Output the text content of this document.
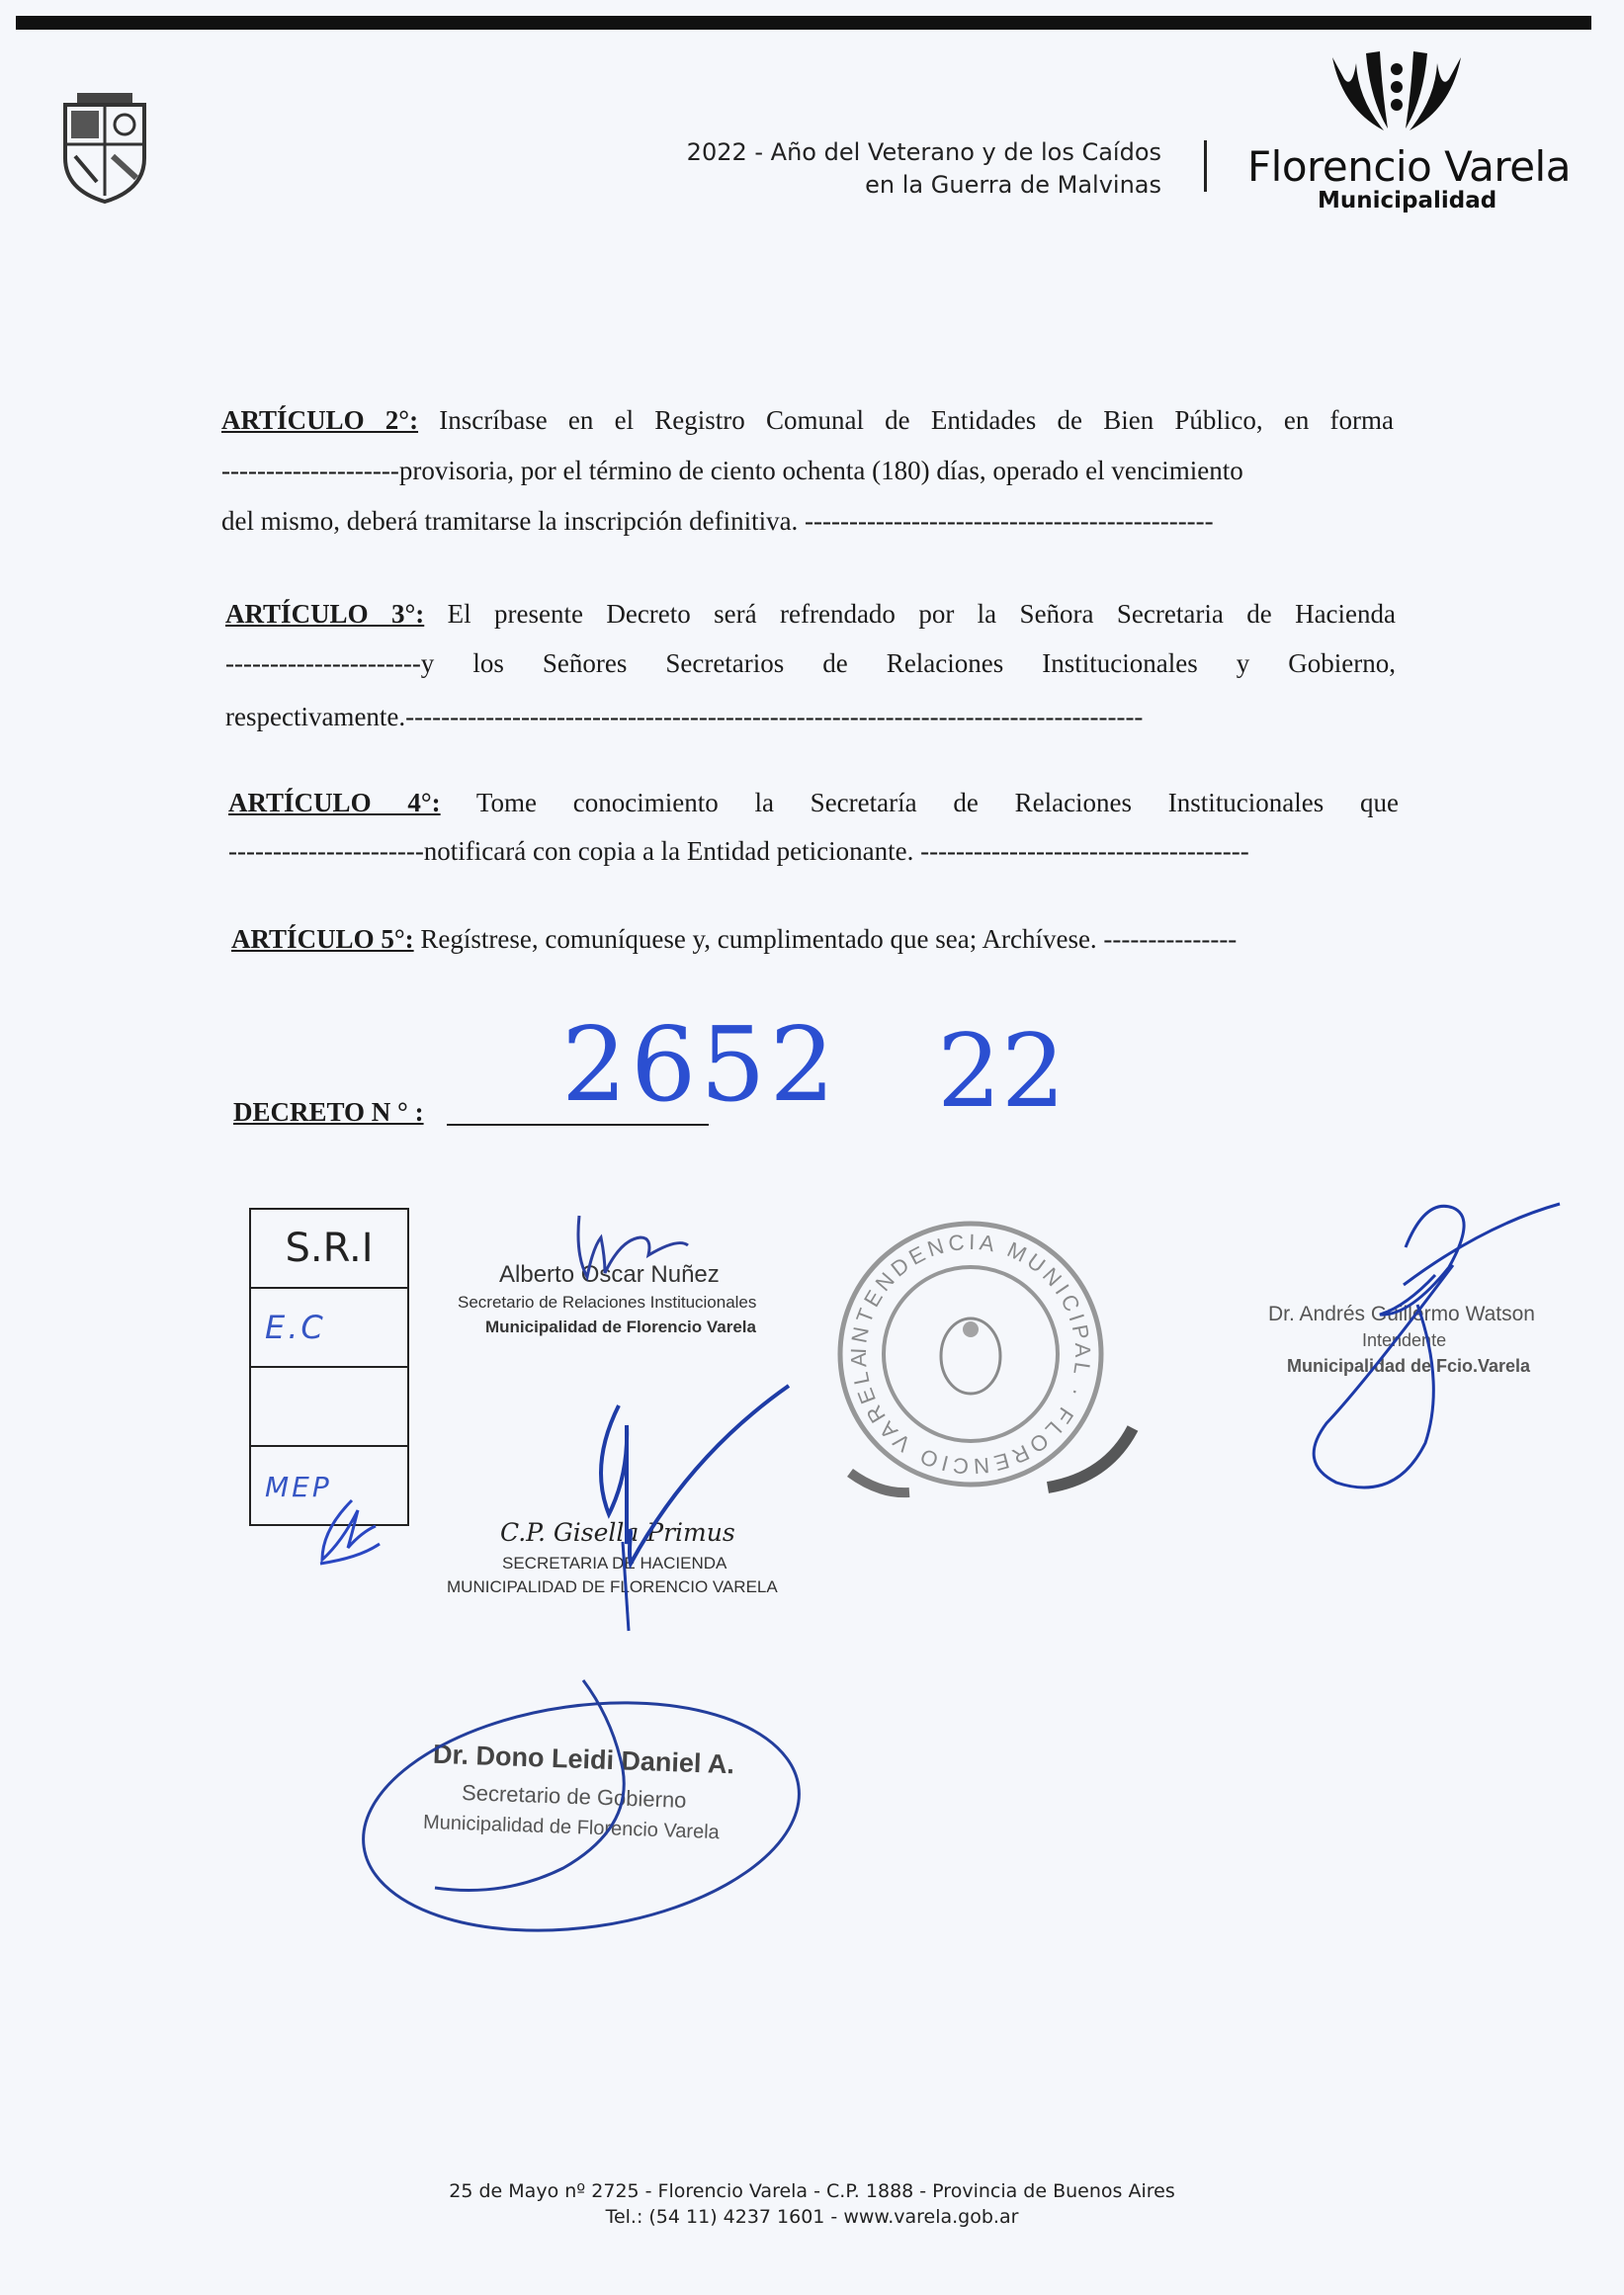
2022 - Año del Veterano y de los Caídos
en la Guerra de Malvinas Florencio Varela
Municipalidad
ARTÍCULO 2°: Inscríbase en el Registro Comunal de Entidades de Bien Público, en forma
--------------------provisoria, por el término de ciento ochenta (180) días, operado el vencimiento
del mismo, deberá tramitarse la inscripción definitiva. ----------------------------------------------
ARTÍCULO 3°: El presente Decreto será refrendado por la Señora Secretaria de Hacienda
----------------------y los Señores Secretarios de Relaciones Institucionales y Gobierno,
respectivamente.-----------------------------------------------------------------------------------
ARTÍCULO 4°: Tome conocimiento la Secretaría de Relaciones Institucionales que
----------------------notificará con copia a la Entidad peticionante. -------------------------------------
ARTÍCULO 5°: Regístrese, comuníquese y, cumplimentado que sea; Archívese. ---------------
DECRETO N ° : 2652 22
S.R.I
E.C
MEP
Alberto Oscar Nuñez
Secretario de Relaciones Institucionales
Municipalidad de Florencio Varela
C.P. Gisella Primus
SECRETARIA DE HACIENDA
MUNICIPALIDAD DE FLORENCIO VARELA
Dr. Andrés Guillermo Watson
Intendente
Municipalidad de Fcio.Varela
Dr. Dono Leidi Daniel A.
Secretario de Gobierno
Municipalidad de Florencio Varela
INTENDENCIA MUNICIPAL · FLORENCIO VARELA
25 de Mayo nº 2725 - Florencio Varela - C.P. 1888 - Provincia de Buenos Aires
Tel.: (54 11) 4237 1601 - www.varela.gob.ar
